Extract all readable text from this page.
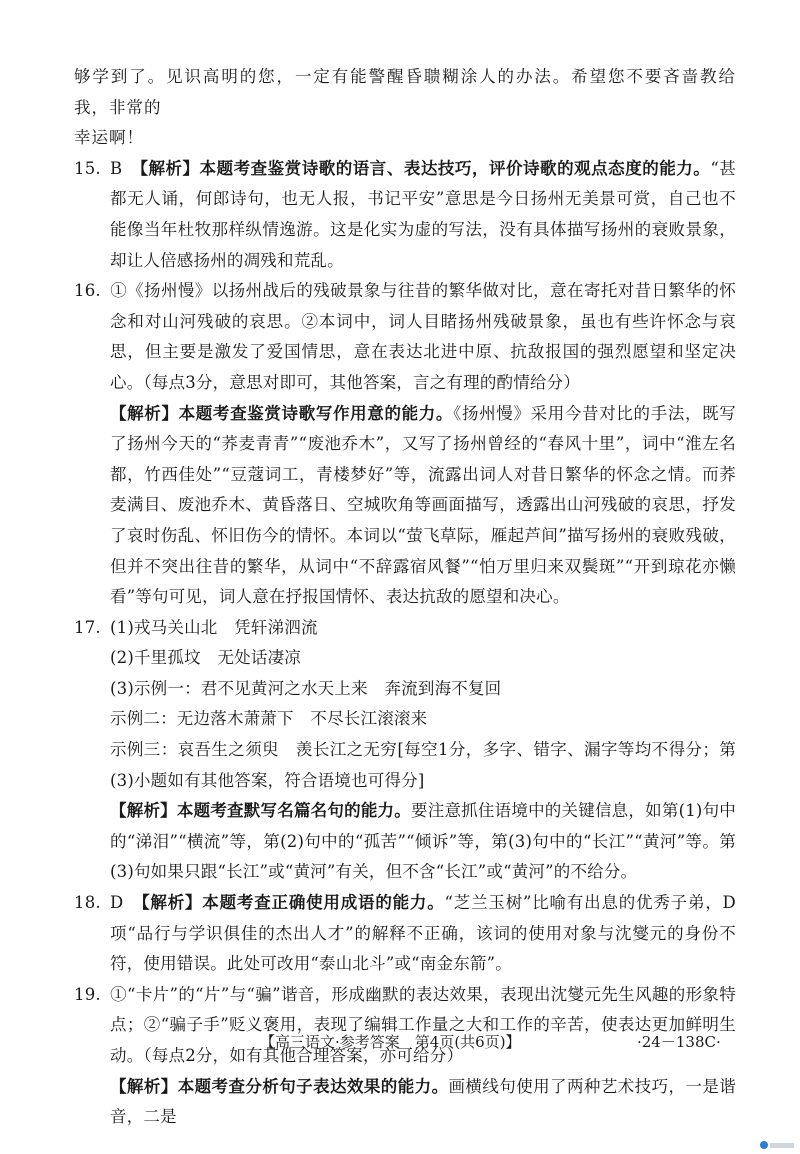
够学到了。见识高明的您，一定有能警醒昏聩糊涂人的办法。希望您不要吝啬教给我，非常的
幸运啊！

15. B　 【解析】本题考查鉴赏诗歌的语言、表达技巧，评价诗歌的观点态度的能力。“甚都无人诵，何郎诗句，也无人报，书记平安”意思是今日扬州无美景可赏，自己也不能像当年杜牧那样纵情逸游。这是化实为虚的写法，没有具体描写扬州的衰败景象，却让人倍感扬州的凋残和荒乱。

16. ①《扬州慢》以扬州战后的残破景象与往昔的繁华做对比，意在寄托对昔日繁华的怀念和对山河残破的哀思。②本词中，词人目睹扬州残破景象，虽也有些许怀念与哀思，但主要是激发了爱国情思，意在表达北进中原、抗敌报国的强烈愿望和坚定决心。（每点3分，意思对即可，其他答案，言之有理的酌情给分）

【解析】本题考查鉴赏诗歌写作用意的能力。《扬州慢》采用今昔对比的手法，既写了扬州今天的“荞麦青青”“废池乔木”，又写了扬州曾经的“春风十里”，词中“淮左名都，竹西佳处”“豆蔻词工，青楼梦好”等，流露出词人对昔日繁华的怀念之情。而荞麦满目、废池乔木、黄昏落日、空城吹角等画面描写，透露出山河残破的哀思，抒发了哀时伤乱、怀旧伤今的情怀。本词以“萤飞草际，雁起芦间”描写扬州的衰败残破，但并不突出往昔的繁华，从词中“不辞露宿风餐”“怕万里归来双鬓斑”“开到琼花亦懒看”等句可见，词人意在抒报国情怀、表达抗敌的愿望和决心。

17. (1)戎马关山北　凭轩涕泗流

(2)千里孤坟　无处话凄凉

(3)示例一：君不见黄河之水天上来　奔流到海不复回

示例二：无边落木萧萧下　不尽长江滚滚来

示例三：哀吾生之须臾　羡长江之无穷[每空1分，多字、错字、漏字等均不得分；第(3)小题如有其他答案，符合语境也可得分]

【解析】本题考查默写名篇名句的能力。要注意抓住语境中的关键信息，如第(1)句中的“涕泪”“横流”等，第(2)句中的“孤苦”“倾诉”等，第(3)句中的“长江”“黄河”等。第(3)句如果只跟“长江”或“黄河”有关，但不含“长江”或“黄河”的不给分。

18. D　 【解析】本题考查正确使用成语的能力。“芝兰玉树”比喻有出息的优秀子弟，D项“品行与学识俱佳的杰出人才”的解释不正确，该词的使用对象与沈燮元的身份不符，使用错误。此处可改用“泰山北斗”或“南金东箭”。

19. ①“卡片”的“片”与“骗”谐音，形成幽默的表达效果，表现出沈燮元先生风趣的形象特点；②“骗子手”贬义褒用，表现了编辑工作量之大和工作的辛苦，使表达更加鲜明生动。（每点2分，如有其他合理答案，亦可给分）

【解析】本题考查分析句子表达效果的能力。画横线句使用了两种艺术技巧，一是谐音，二是

【高三语文·参考答案　第4页(共6页)】	·24－138C·
